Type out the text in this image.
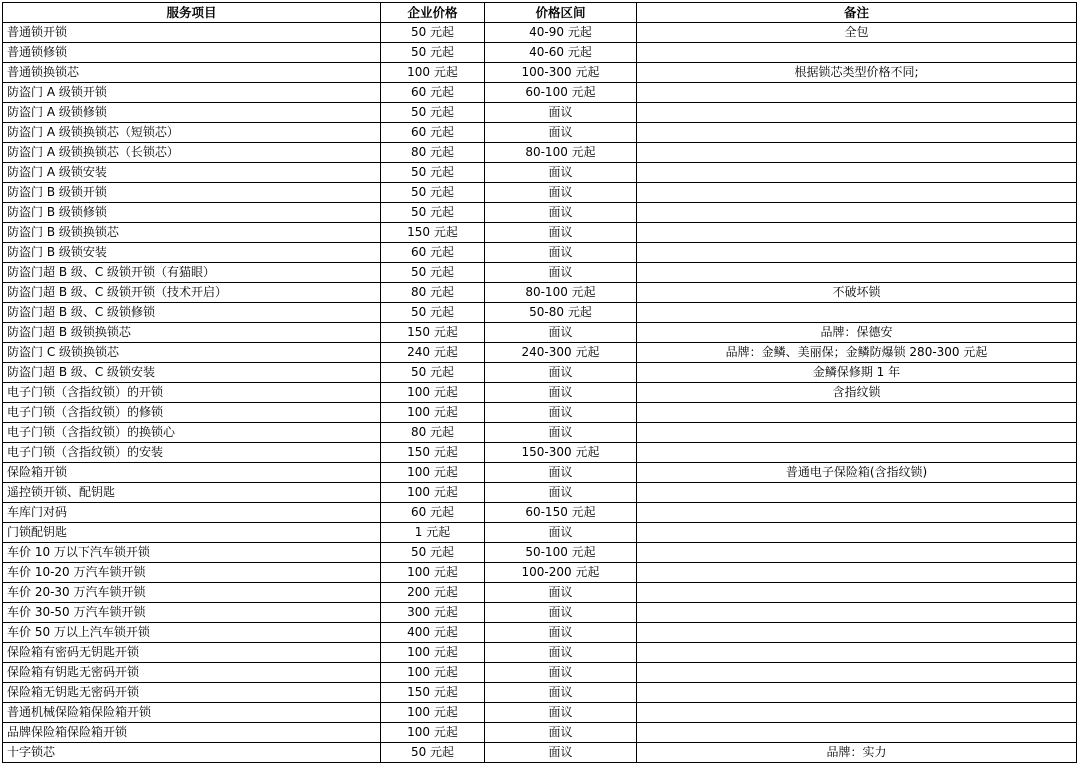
服务项目	企业价格	价格区间	备注
普通锁开锁	50 元起	40-90 元起	全包
普通锁修锁	50 元起	40-60 元起	
普通锁换锁芯	100 元起	100-300 元起	根据锁芯类型价格不同;
防盗门 A 级锁开锁	60 元起	60-100 元起	
防盗门 A 级锁修锁	50 元起	面议	
防盗门 A 级锁换锁芯（短锁芯）	60 元起	面议	
防盗门 A 级锁换锁芯（长锁芯）	80 元起	80-100 元起	
防盗门 A 级锁安装	50 元起	面议	
防盗门 B 级锁开锁	50 元起	面议	
防盗门 B 级锁修锁	50 元起	面议	
防盗门 B 级锁换锁芯	150 元起	面议	
防盗门 B 级锁安装	60 元起	面议	
防盗门超 B 级、C 级锁开锁（有猫眼）	50 元起	面议	
防盗门超 B 级、C 级锁开锁（技术开启）	80 元起	80-100 元起	不破坏锁
防盗门超 B 级、C 级锁修锁	50 元起	50-80 元起	
防盗门超 B 级锁换锁芯	150 元起	面议	品牌：保德安
防盗门 C 级锁换锁芯	240 元起	240-300 元起	品牌：金鳞、美丽保；金鳞防爆锁 280-300 元起
防盗门超 B 级、C 级锁安装	50 元起	面议	金鳞保修期 1 年
电子门锁（含指纹锁）的开锁	100 元起	面议	含指纹锁
电子门锁（含指纹锁）的修锁	100 元起	面议	
电子门锁（含指纹锁）的换锁心	80 元起	面议	
电子门锁（含指纹锁）的安装	150 元起	150-300 元起	
保险箱开锁	100 元起	面议	普通电子保险箱(含指纹锁)
遥控锁开锁、配钥匙	100 元起	面议	
车库门对码	60 元起	60-150 元起	
门锁配钥匙	1 元起	面议	
车价 10 万以下汽车锁开锁	50 元起	50-100 元起	
车价 10-20 万汽车锁开锁	100 元起	100-200 元起	
车价 20-30 万汽车锁开锁	200 元起	面议	
车价 30-50 万汽车锁开锁	300 元起	面议	
车价 50 万以上汽车锁开锁	400 元起	面议	
保险箱有密码无钥匙开锁	100 元起	面议	
保险箱有钥匙无密码开锁	100 元起	面议	
保险箱无钥匙无密码开锁	150 元起	面议	
普通机械保险箱保险箱开锁	100 元起	面议	
品牌保险箱保险箱开锁	100 元起	面议	
十字锁芯	50 元起	面议	品牌：实力
